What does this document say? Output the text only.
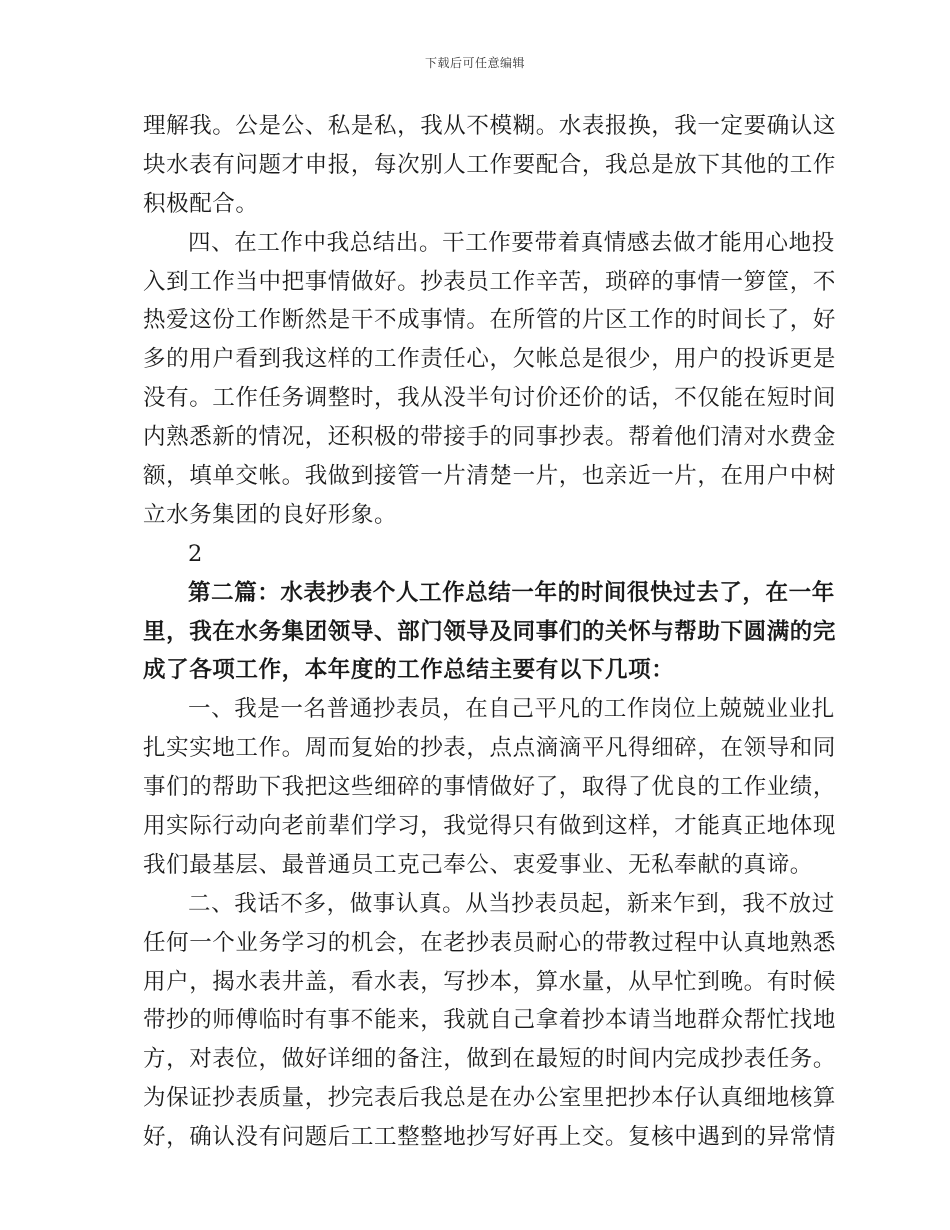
下载后可任意编辑
理解我。公是公、私是私，我从不模糊。水表报换，我一定要确认这
块水表有问题才申报，每次别人工作要配合，我总是放下其他的工作
积极配合。
四、在工作中我总结出。干工作要带着真情感去做才能用心地投
入到工作当中把事情做好。抄表员工作辛苦，琐碎的事情一箩筐，不
热爱这份工作断然是干不成事情。在所管的片区工作的时间长了，好
多的用户看到我这样的工作责任心，欠帐总是很少，用户的投诉更是
没有。工作任务调整时，我从没半句讨价还价的话，不仅能在短时间
内熟悉新的情况，还积极的带接手的同事抄表。帮着他们清对水费金
额，填单交帐。我做到接管一片清楚一片，也亲近一片，在用户中树
立水务集团的良好形象。
2
第二篇：水表抄表个人工作总结一年的时间很快过去了，在一年
里，我在水务集团领导、部门领导及同事们的关怀与帮助下圆满的完
成了各项工作，本年度的工作总结主要有以下几项：
一、我是一名普通抄表员，在自己平凡的工作岗位上兢兢业业扎
扎实实地工作。周而复始的抄表，点点滴滴平凡得细碎，在领导和同
事们的帮助下我把这些细碎的事情做好了，取得了优良的工作业绩，
用实际行动向老前辈们学习，我觉得只有做到这样，才能真正地体现
我们最基层、最普通员工克己奉公、衷爱事业、无私奉献的真谛。
二、我话不多，做事认真。从当抄表员起，新来乍到，我不放过
任何一个业务学习的机会，在老抄表员耐心的带教过程中认真地熟悉
用户，揭水表井盖，看水表，写抄本，算水量，从早忙到晚。有时候
带抄的师傅临时有事不能来，我就自己拿着抄本请当地群众帮忙找地
方，对表位，做好详细的备注，做到在最短的时间内完成抄表任务。
为保证抄表质量，抄完表后我总是在办公室里把抄本仔认真细地核算
好，确认没有问题后工工整整地抄写好再上交。复核中遇到的异常情
